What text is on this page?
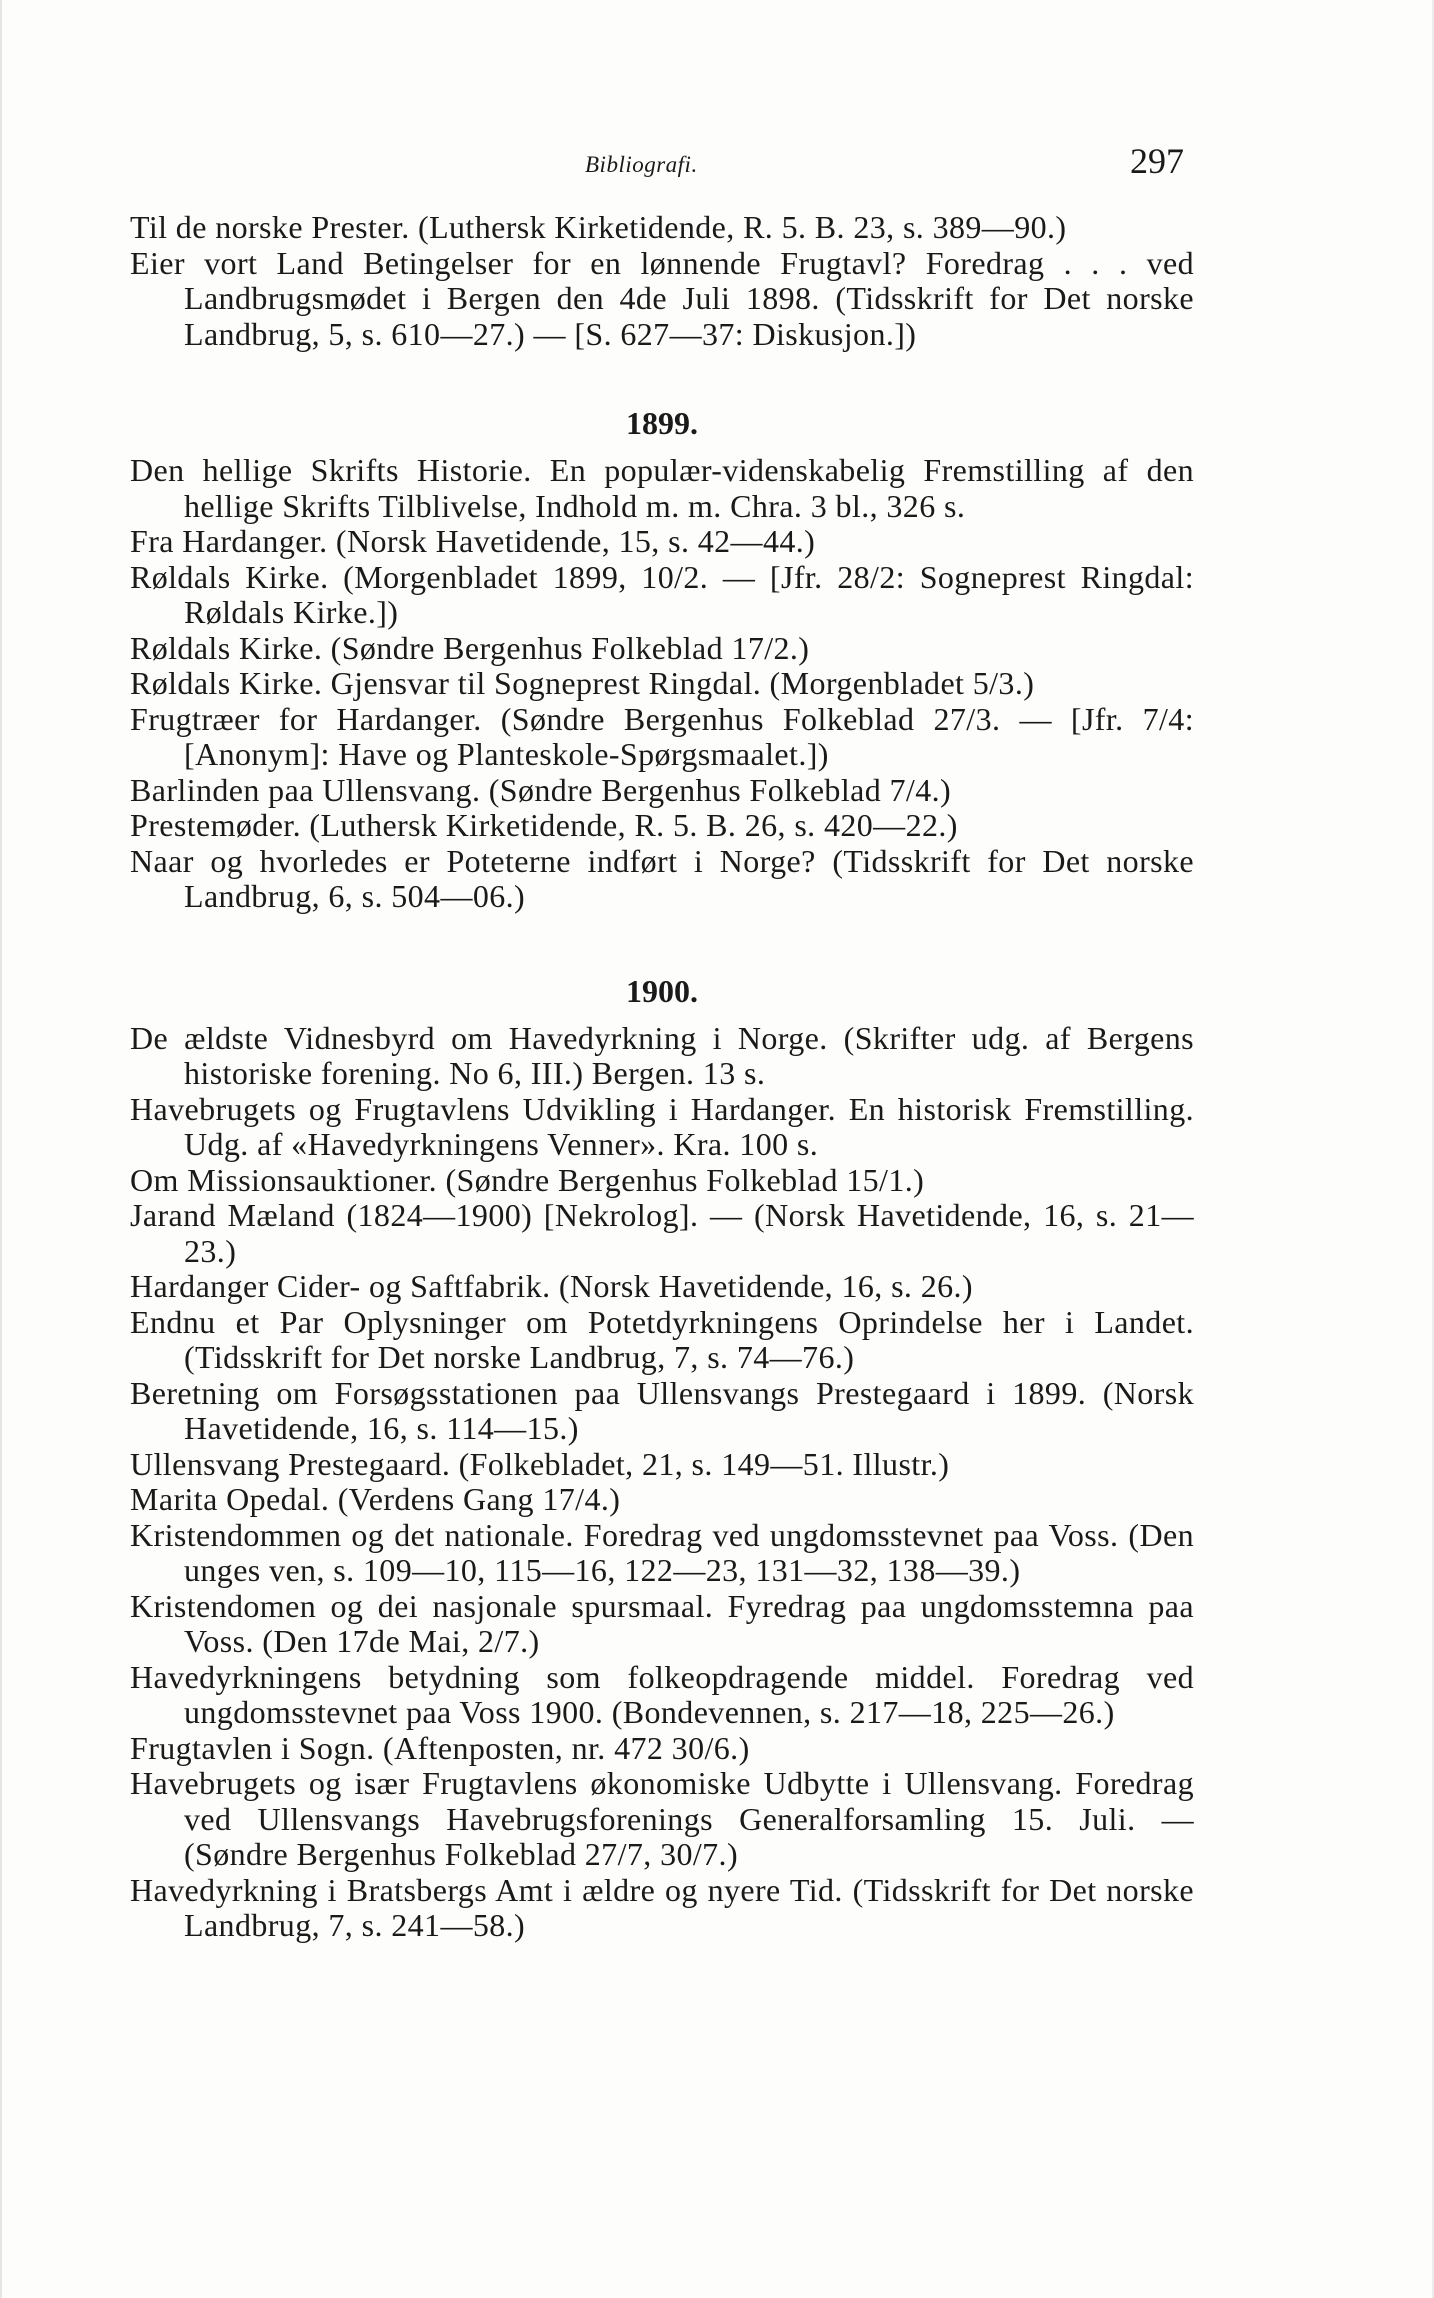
Bibliografi.	297
Til de norske Prester. (Luthersk Kirketidende, R. 5. B. 23, s. 389—90.)
Eier vort Land Betingelser for en lønnende Frugtavl? Foredrag . . . ved Landbrugsmødet i Bergen den 4de Juli 1898. (Tidsskrift for Det norske Landbrug, 5, s. 610—27.) — [S. 627—37: Diskusjon.])
1899.
Den hellige Skrifts Historie. En populær-videnskabelig Fremstilling af den hellige Skrifts Tilblivelse, Indhold m. m. Chra. 3 bl., 326 s.
Fra Hardanger. (Norsk Havetidende, 15, s. 42—44.)
Røldals Kirke. (Morgenbladet 1899, 10/2. — [Jfr. 28/2: Sogneprest Ringdal: Røldals Kirke.])
Røldals Kirke. (Søndre Bergenhus Folkeblad 17/2.)
Røldals Kirke. Gjensvar til Sogneprest Ringdal. (Morgenbladet 5/3.)
Frugtræer for Hardanger. (Søndre Bergenhus Folkeblad 27/3. — [Jfr. 7/4: [Anonym]: Have og Planteskole-Spørgsmaalet.])
Barlinden paa Ullensvang. (Søndre Bergenhus Folkeblad 7/4.)
Prestemøder. (Luthersk Kirketidende, R. 5. B. 26, s. 420—22.)
Naar og hvorledes er Poteterne indført i Norge? (Tidsskrift for Det norske Landbrug, 6, s. 504—06.)
1900.
De ældste Vidnesbyrd om Havedyrkning i Norge. (Skrifter udg. af Bergens historiske forening. No 6, III.) Bergen. 13 s.
Havebrugets og Frugtavlens Udvikling i Hardanger. En historisk Fremstilling. Udg. af «Havedyrkningens Venner». Kra. 100 s.
Om Missionsauktioner. (Søndre Bergenhus Folkeblad 15/1.)
Jarand Mæland (1824—1900) [Nekrolog]. — (Norsk Havetidende, 16, s. 21—23.)
Hardanger Cider- og Saftfabrik. (Norsk Havetidende, 16, s. 26.)
Endnu et Par Oplysninger om Potetdyrkningens Oprindelse her i Landet. (Tidsskrift for Det norske Landbrug, 7, s. 74—76.)
Beretning om Forsøgsstationen paa Ullensvangs Prestegaard i 1899. (Norsk Havetidende, 16, s. 114—15.)
Ullensvang Prestegaard. (Folkebladet, 21, s. 149—51. Illustr.)
Marita Opedal. (Verdens Gang 17/4.)
Kristendommen og det nationale. Foredrag ved ungdomsstevnet paa Voss. (Den unges ven, s. 109—10, 115—16, 122—23, 131—32, 138—39.)
Kristendomen og dei nasjonale spursmaal. Fyredrag paa ungdomsstemna paa Voss. (Den 17de Mai, 2/7.)
Havedyrkningens betydning som folkeopdragende middel. Foredrag ved ungdomsstevnet paa Voss 1900. (Bondevennen, s. 217—18, 225—26.)
Frugtavlen i Sogn. (Aftenposten, nr. 472 30/6.)
Havebrugets og især Frugtavlens økonomiske Udbytte i Ullensvang. Foredrag ved Ullensvangs Havebrugsforenings Generalforsamling 15. Juli. — (Søndre Bergenhus Folkeblad 27/7, 30/7.)
Havedyrkning i Bratsbergs Amt i ældre og nyere Tid. (Tidsskrift for Det norske Landbrug, 7, s. 241—58.)
